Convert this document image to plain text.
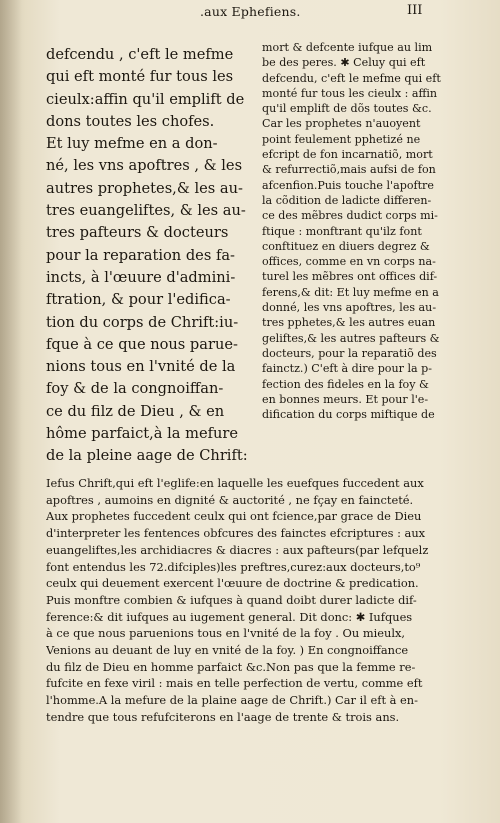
.aux Ephefiens.	III
defcendu , c'eft le mefme
qui eft monté fur tous les
cieulx:affin qu'il emplift de
dons toutes les chofes.
Et luy mefme en a don-
né, les vns apoftres , & les
autres prophetes,& les au-
tres euangeliftes, & les au-
tres pafteurs & docteurs
pour la reparation des fa-
incts, à l'œuure d'admini-
ftration, & pour l'edifica-
tion du corps de Chrift:iu-
fque à ce que nous parue-
nions tous en l'vnité de la
foy & de la congnoiffan-
ce du filz de Dieu , & en
hôme parfaict,à la mefure
de la pleine aage de Chrift:
mort & defcente iufque au lim
be des peres. ✱ Celuy qui eft
defcendu, c'eft le mefme qui eft
monté fur tous les cieulx : affin
qu'il emplift de dõs toutes &c.
Car les prophetes n'auoyent
point feulement pphetizé ne
efcript de fon incarnatiõ, mort
& refurrectiõ,mais aufsi de fon
afcenfion.Puis touche l'apoftre
la cõdition de ladicte differen-
ce des mẽbres dudict corps mi-
ftique : monftrant qu'ilz font
conftituez en diuers degrez &
offices, comme en vn corps na-
turel les mẽbres ont offices dif-
ferens,& dit: Et luy mefme en a
donné, les vns apoftres, les au-
tres pphetes,& les autres euan
geliftes,& les autres pafteurs &
docteurs, pour la reparatiõ des
fainctz.) C'eft à dire pour la p-
fection des fideles en la foy &
en bonnes meurs. Et pour l'e-
dification du corps miftique de
Iefus Chrift,qui eft l'eglife:en laquelle les euefques fuccedent aux
apoftres , aumoins en dignité & auctorité , ne fçay en faincteté.
Aux prophetes fuccedent ceulx qui ont fcience,par grace de Dieu
d'interpreter les fentences obfcures des fainctes efcriptures : aux
euangeliftes,les archidiacres & diacres : aux pafteurs(par lefquelz
font entendus les 72.difciples)les preftres,curez:aux docteurs,to⁹
ceulx qui deuement exercent l'œuure de doctrine & predication.
Puis monftre combien & iufques à quand doibt durer ladicte dif-
ference:& dit iufques au iugement general. Dit donc: ✱ Iufques
à ce que nous paruenions tous en l'vnité de la foy . Ou mieulx,
Venions au deuant de luy en vnité de la foy. ) En congnoiffance
du filz de Dieu en homme parfaict &c.Non pas que la femme re-
fufcite en fexe viril : mais en telle perfection de vertu, comme eft
l'homme.A la mefure de la plaine aage de Chrift.) Car il eft à en-
tendre que tous refufciterons en l'aage de trente & trois ans.
